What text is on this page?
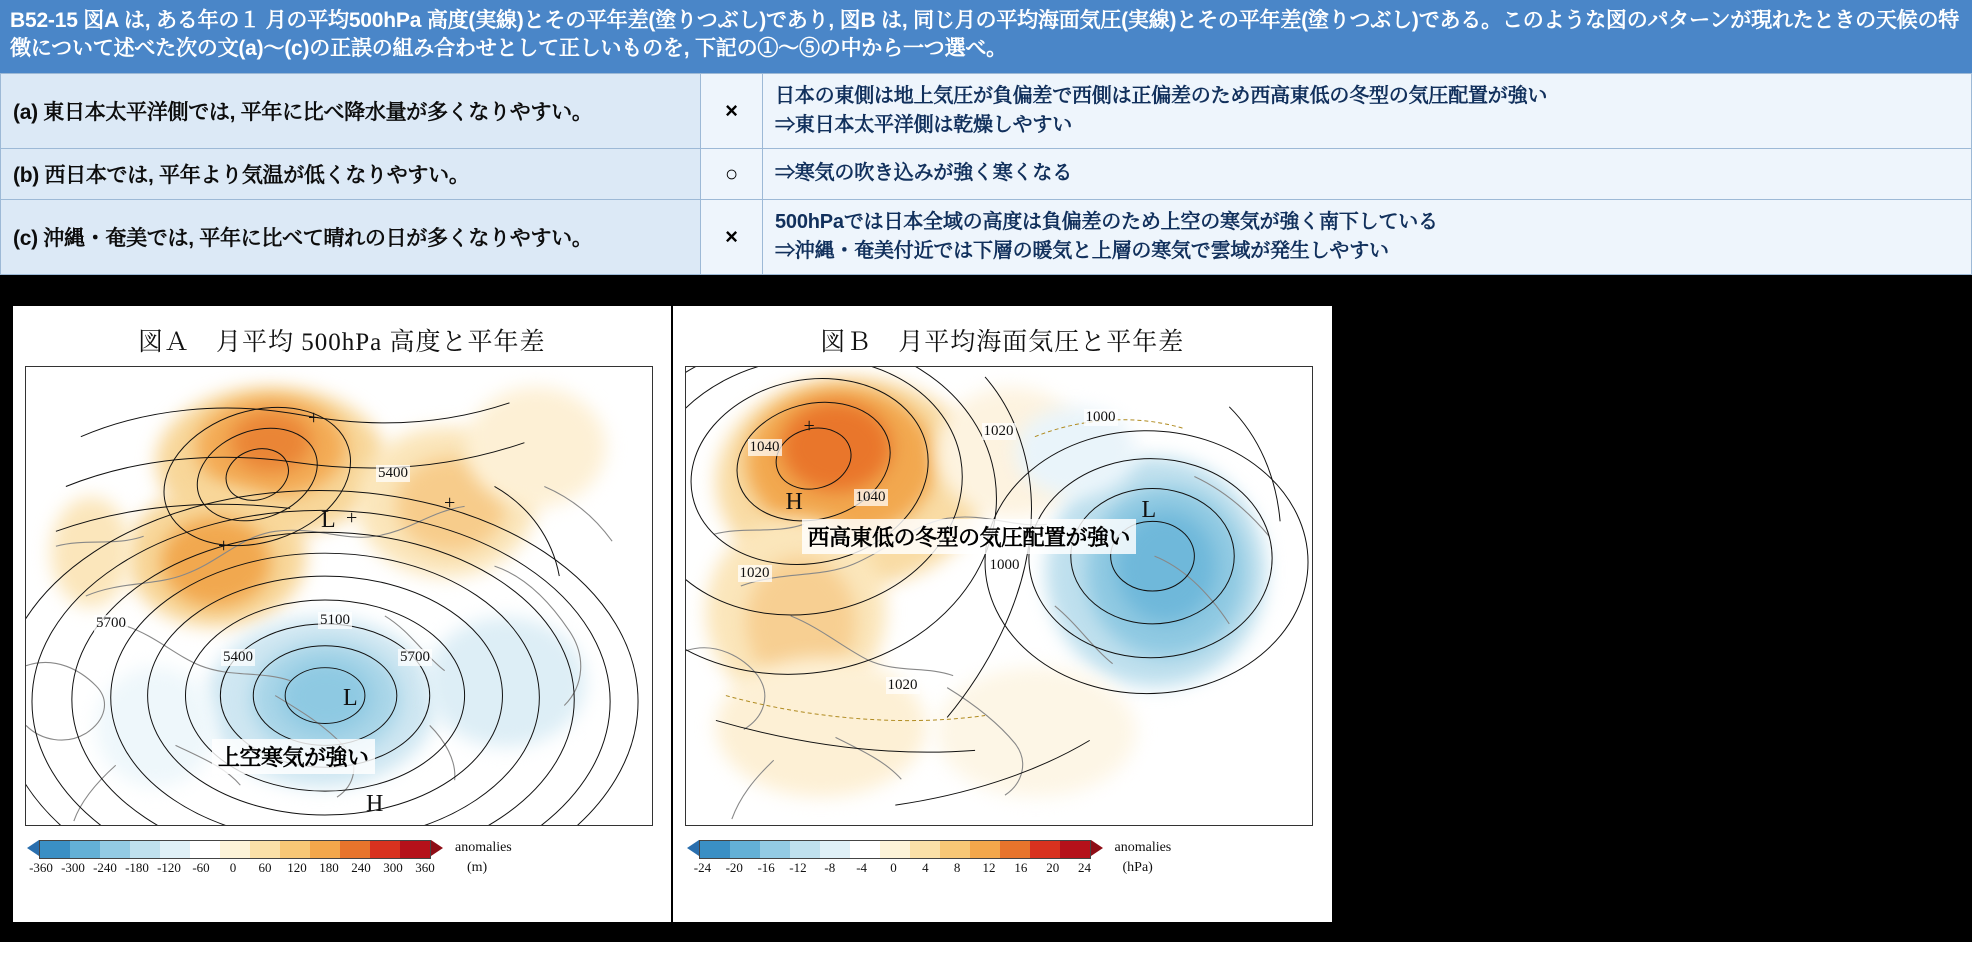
B52-15 図A は, ある年の１ 月の平均500hPa 高度(実線)とその平年差(塗りつぶし)であり, 図B は, 同じ月の平均海面気圧(実線)とその平年差(塗りつぶし)である。このような図のパターンが現れたときの天候の特徴について述べた次の文(a)〜(c)の正誤の組み合わせとして正しいものを, 下記の①〜⑤の中から一つ選べ。
(a) 東日本太平洋側では, 平年に比べ降水量が多くなりやすい。	×	日本の東側は地上気圧が負偏差で西側は正偏差のため西高東低の冬型の気圧配置が強い
⇒東日本太平洋側は乾燥しやすい

(b) 西日本では, 平年より気温が低くなりやすい。	○	⇒寒気の吹き込みが強く寒くなる
(c) 沖縄・奄美では, 平年に比べて晴れの日が多くなりやすい。	×	500hPaでは日本全域の高度は負偏差のため上空の寒気が強く南下している
⇒沖縄・奄美付近では下層の暖気と上層の寒気で雲域が発生しやすい
図Ａ　月平均 500hPa 高度と平年差
L
L
+
+
+
+
5400
5700	5100
5400	5700
上空寒気が強い
H
-360 -300 -240 -180 -120 -60	0	60	120 180 240 300 360
anomalies
(m)
図Ｂ　月平均海面気圧と平年差
H	L
+
1040
1040
1020
1020
1020
1000
1000
西高東低の冬型の気圧配置が強い
-24	-20	-16	-12	-8	-4	0	4	8	12	16	20	24
anomalies
(hPa)
